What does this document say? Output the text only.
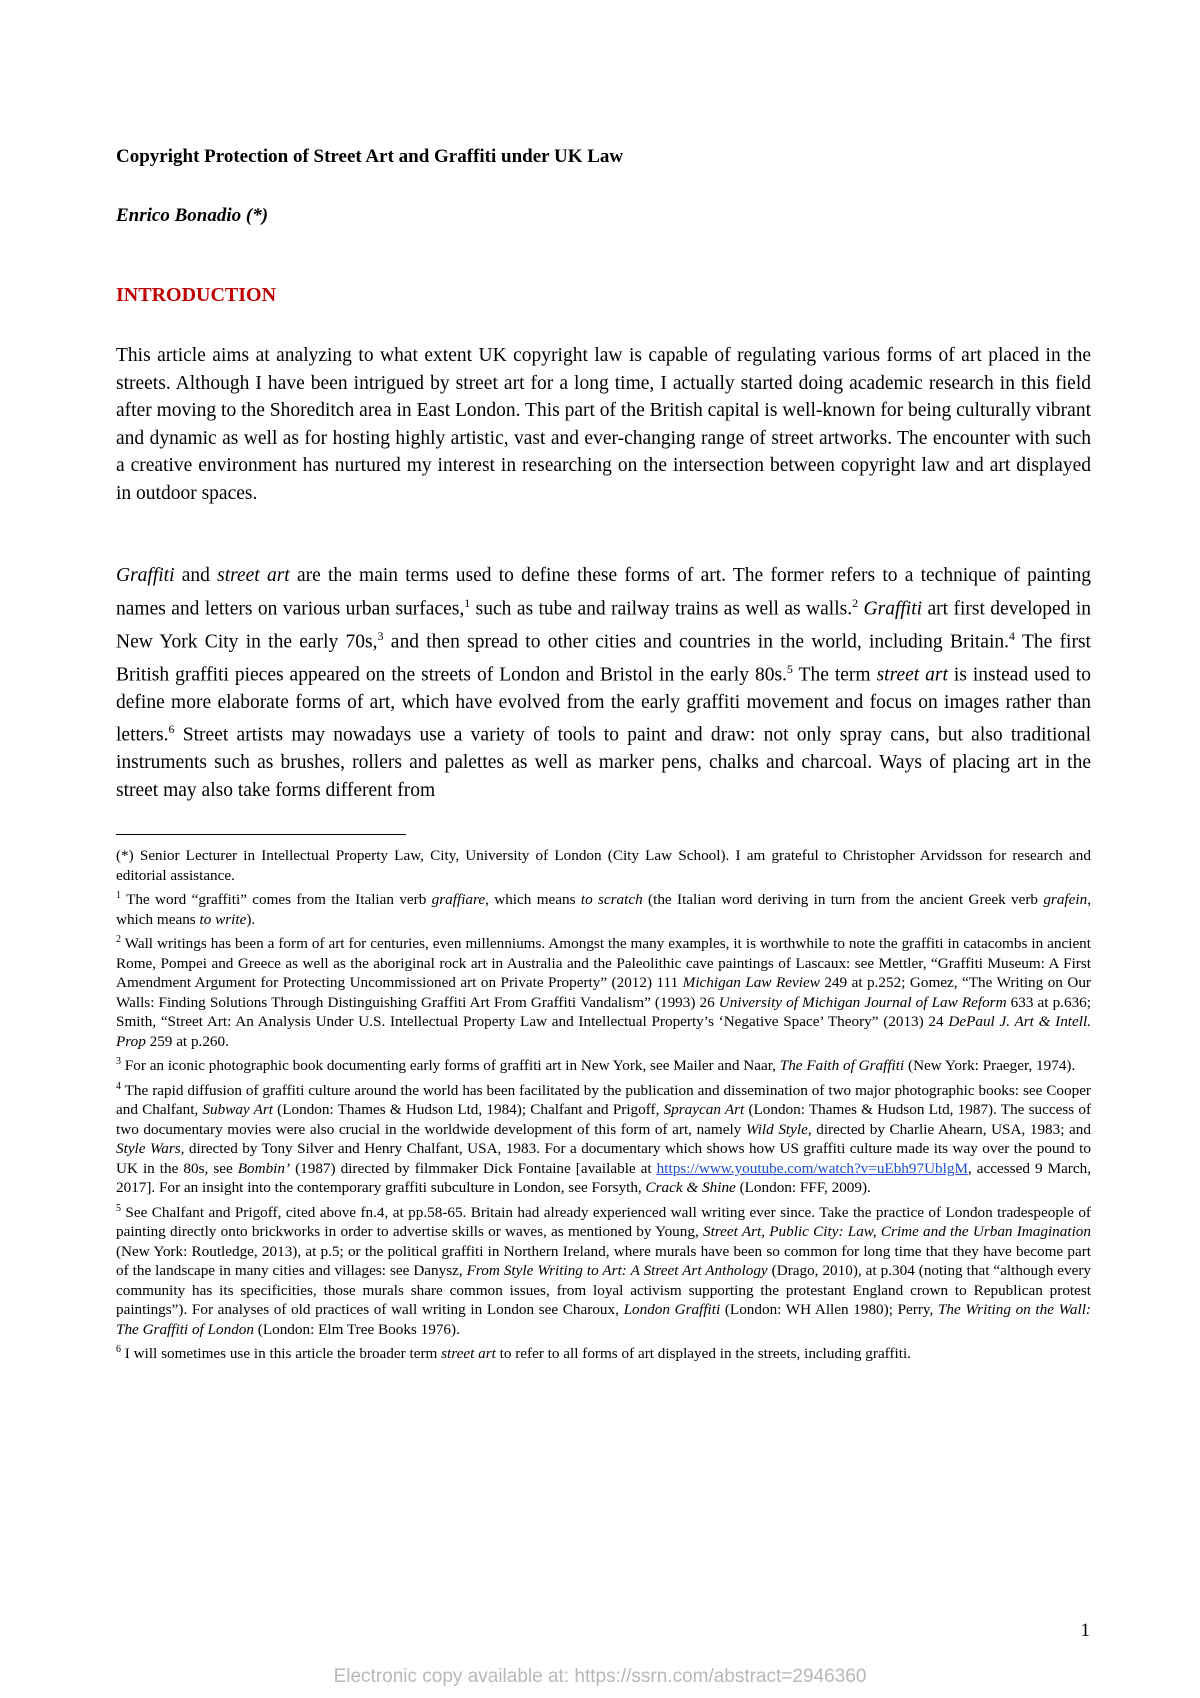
Copyright Protection of Street Art and Graffiti under UK Law
Enrico Bonadio (*)
INTRODUCTION

This article aims at analyzing to what extent UK copyright law is capable of regulating various forms of art placed in the streets. Although I have been intrigued by street art for a long time, I actually started doing academic research in this field after moving to the Shoreditch area in East London. This part of the British capital is well-known for being culturally vibrant and dynamic as well as for hosting highly artistic, vast and ever-changing range of street artworks. The encounter with such a creative environment has nurtured my interest in researching on the intersection between copyright law and art displayed in outdoor spaces.

Graffiti and street art are the main terms used to define these forms of art. The former refers to a technique of painting names and letters on various urban surfaces,$^1$ such as tube and railway trains as well as walls.$^2$ Graffiti art first developed in New York City in the early 70s,$^3$ and then spread to other cities and countries in the world, including Britain.$^4$ The first British graffiti pieces appeared on the streets of London and Bristol in the early 80s.$^5$ The term street art is instead used to define more elaborate forms of art, which have evolved from the early graffiti movement and focus on images rather than letters.$^6$ Street artists may nowadays use a variety of tools to paint and draw: not only spray cans, but also traditional instruments such as brushes, rollers and palettes as well as marker pens, chalks and charcoal. Ways of placing art in the street may also take forms different from

(*) Senior Lecturer in Intellectual Property Law, City, University of London (City Law School). I am grateful to Christopher Arvidsson for research and editorial assistance.

$^1$ The word “graffiti” comes from the Italian verb graffiare, which means to scratch (the Italian word deriving in turn from the ancient Greek verb grafein, which means to write).

$^2$ Wall writings has been a form of art for centuries, even millenniums. Amongst the many examples, it is worthwhile to note the graffiti in catacombs in ancient Rome, Pompei and Greece as well as the aboriginal rock art in Australia and the Paleolithic cave paintings of Lascaux: see Mettler, “Graffiti Museum: A First Amendment Argument for Protecting Uncommissioned art on Private Property” (2012) 111 Michigan Law Review 249 at p.252; Gomez, “The Writing on Our Walls: Finding Solutions Through Distinguishing Graffiti Art From Graffiti Vandalism” (1993) 26 University of Michigan Journal of Law Reform 633 at p.636; Smith, “Street Art: An Analysis Under U.S. Intellectual Property Law and Intellectual Property’s ‘Negative Space’ Theory” (2013) 24 DePaul J. Art & Intell. Prop 259 at p.260.

$^3$ For an iconic photographic book documenting early forms of graffiti art in New York, see Mailer and Naar, The Faith of Graffiti (New York: Praeger, 1974).

$^4$ The rapid diffusion of graffiti culture around the world has been facilitated by the publication and dissemination of two major photographic books: see Cooper and Chalfant, Subway Art (London: Thames & Hudson Ltd, 1984); Chalfant and Prigoff, Spraycan Art (London: Thames & Hudson Ltd, 1987). The success of two documentary movies were also crucial in the worldwide development of this form of art, namely Wild Style, directed by Charlie Ahearn, USA, 1983; and Style Wars, directed by Tony Silver and Henry Chalfant, USA, 1983. For a documentary which shows how US graffiti culture made its way over the pound to UK in the 80s, see Bombin’ (1987) directed by filmmaker Dick Fontaine [available at https://www.youtube.com/watch?v=uEbh97UblgM, accessed 9 March, 2017]. For an insight into the contemporary graffiti subculture in London, see Forsyth, Crack & Shine (London: FFF, 2009).

$^5$ See Chalfant and Prigoff, cited above fn.4, at pp.58-65. Britain had already experienced wall writing ever since. Take the practice of London tradespeople of painting directly onto brickworks in order to advertise skills or waves, as mentioned by Young, Street Art, Public City: Law, Crime and the Urban Imagination (New York: Routledge, 2013), at p.5; or the political graffiti in Northern Ireland, where murals have been so common for long time that they have become part of the landscape in many cities and villages: see Danysz, From Style Writing to Art: A Street Art Anthology (Drago, 2010), at p.304 (noting that “although every community has its specificities, those murals share common issues, from loyal activism supporting the protestant England crown to Republican protest paintings”). For analyses of old practices of wall writing in London see Charoux, London Graffiti (London: WH Allen 1980); Perry, The Writing on the Wall: The Graffiti of London (London: Elm Tree Books 1976).

$^6$ I will sometimes use in this article the broader term street art to refer to all forms of art displayed in the streets, including graffiti.

1
Electronic copy available at: https://ssrn.com/abstract=2946360
